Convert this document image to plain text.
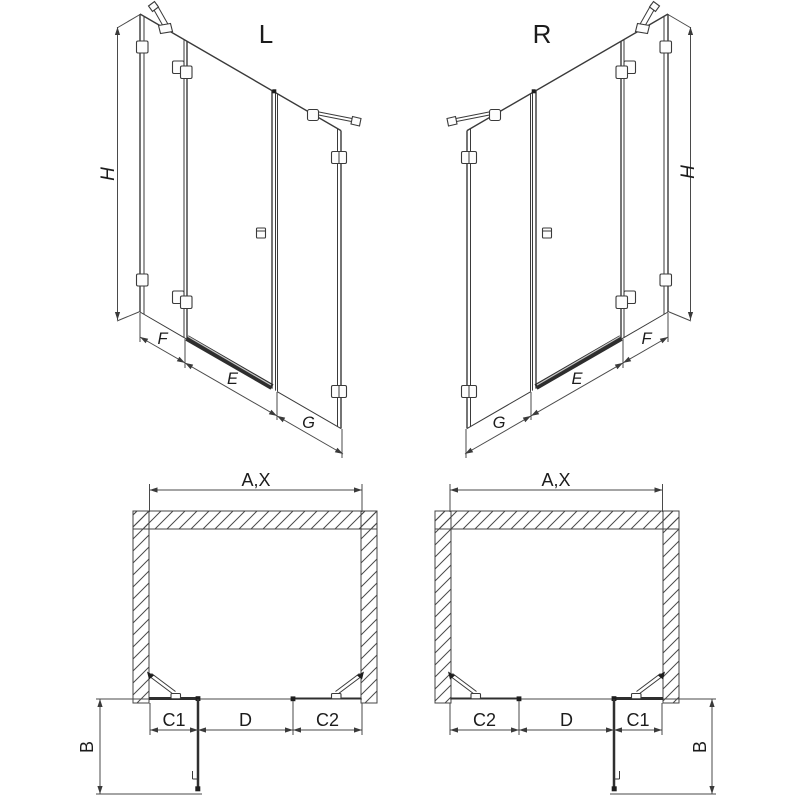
L
H
F
E
G
R
H
G
E
F
A,X
C1	D	C2
B
A,X
C2	D	C1
B
